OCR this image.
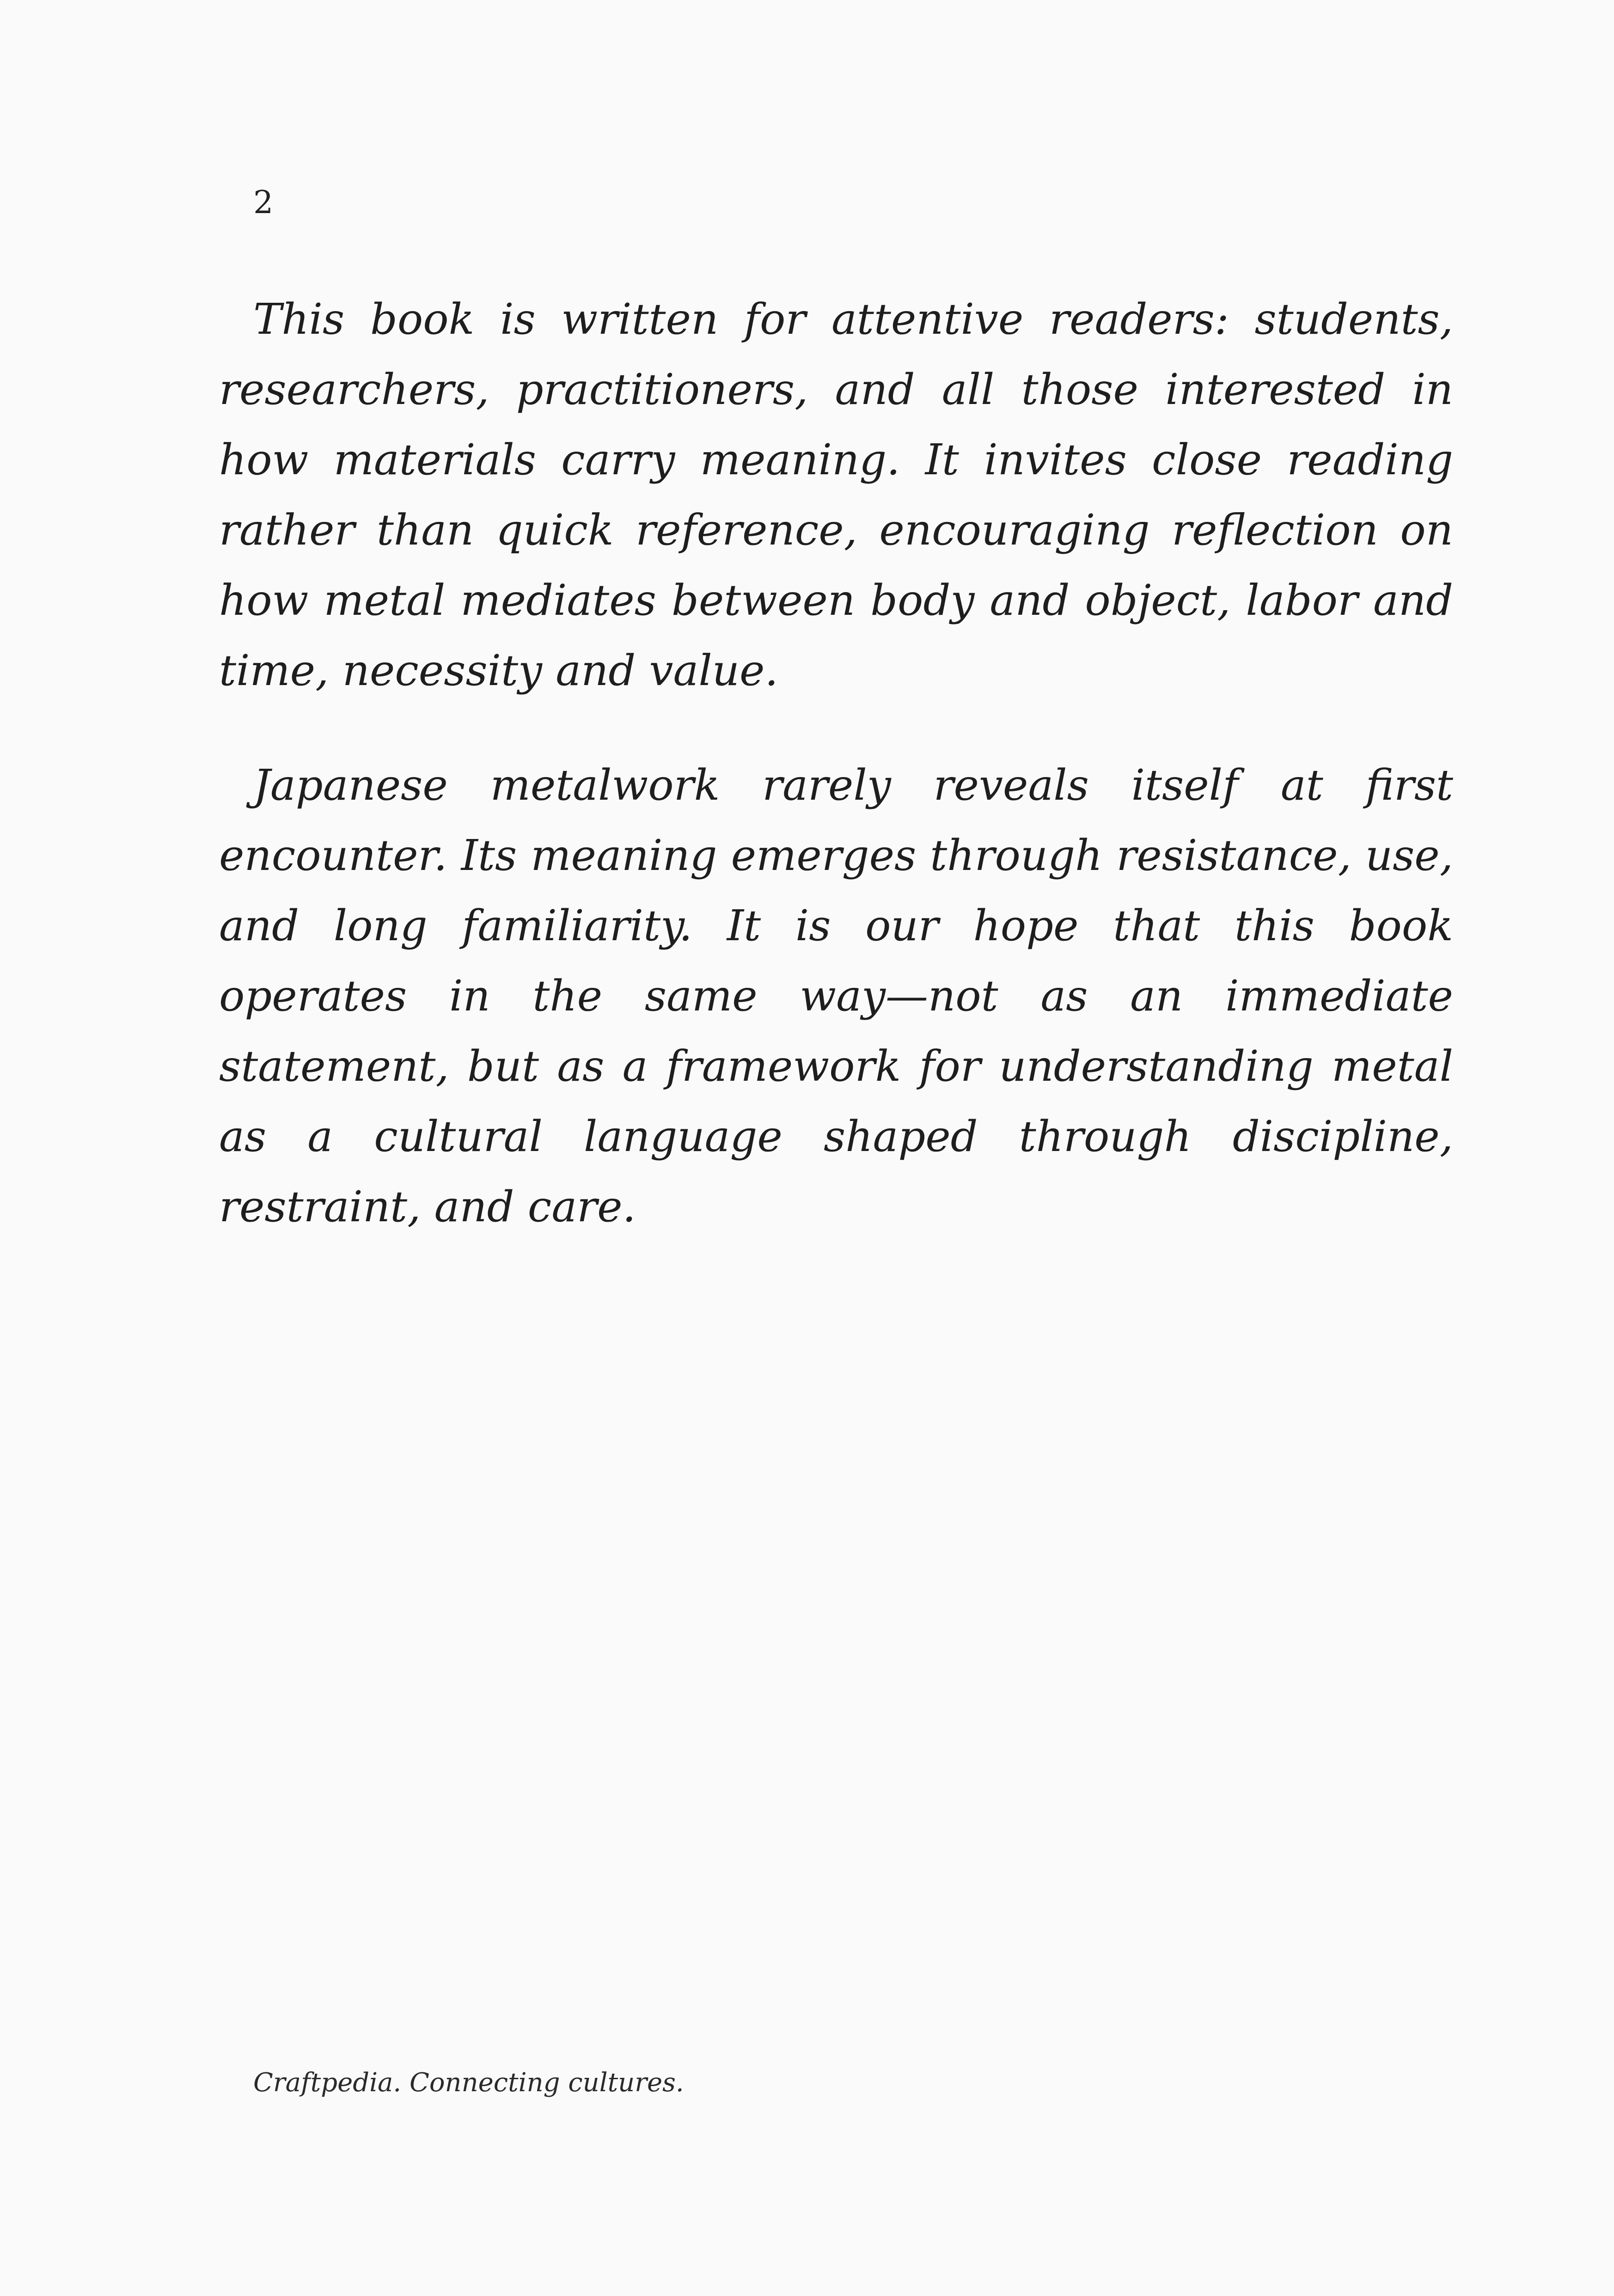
2

This book is written for attentive readers: students, researchers, practitioners, and all those interested in how materials carry meaning. It invites close reading rather than quick reference, encouraging reflection on how metal mediates between body and object, labor and time, necessity and value.

Japanese metalwork rarely reveals itself at first encounter. Its meaning emerges through resistance, use, and long familiarity. It is our hope that this book operates in the same way—not as an immediate statement, but as a framework for understanding metal as a cultural language shaped through discipline, restraint, and care.

Craftpedia. Connecting cultures.
